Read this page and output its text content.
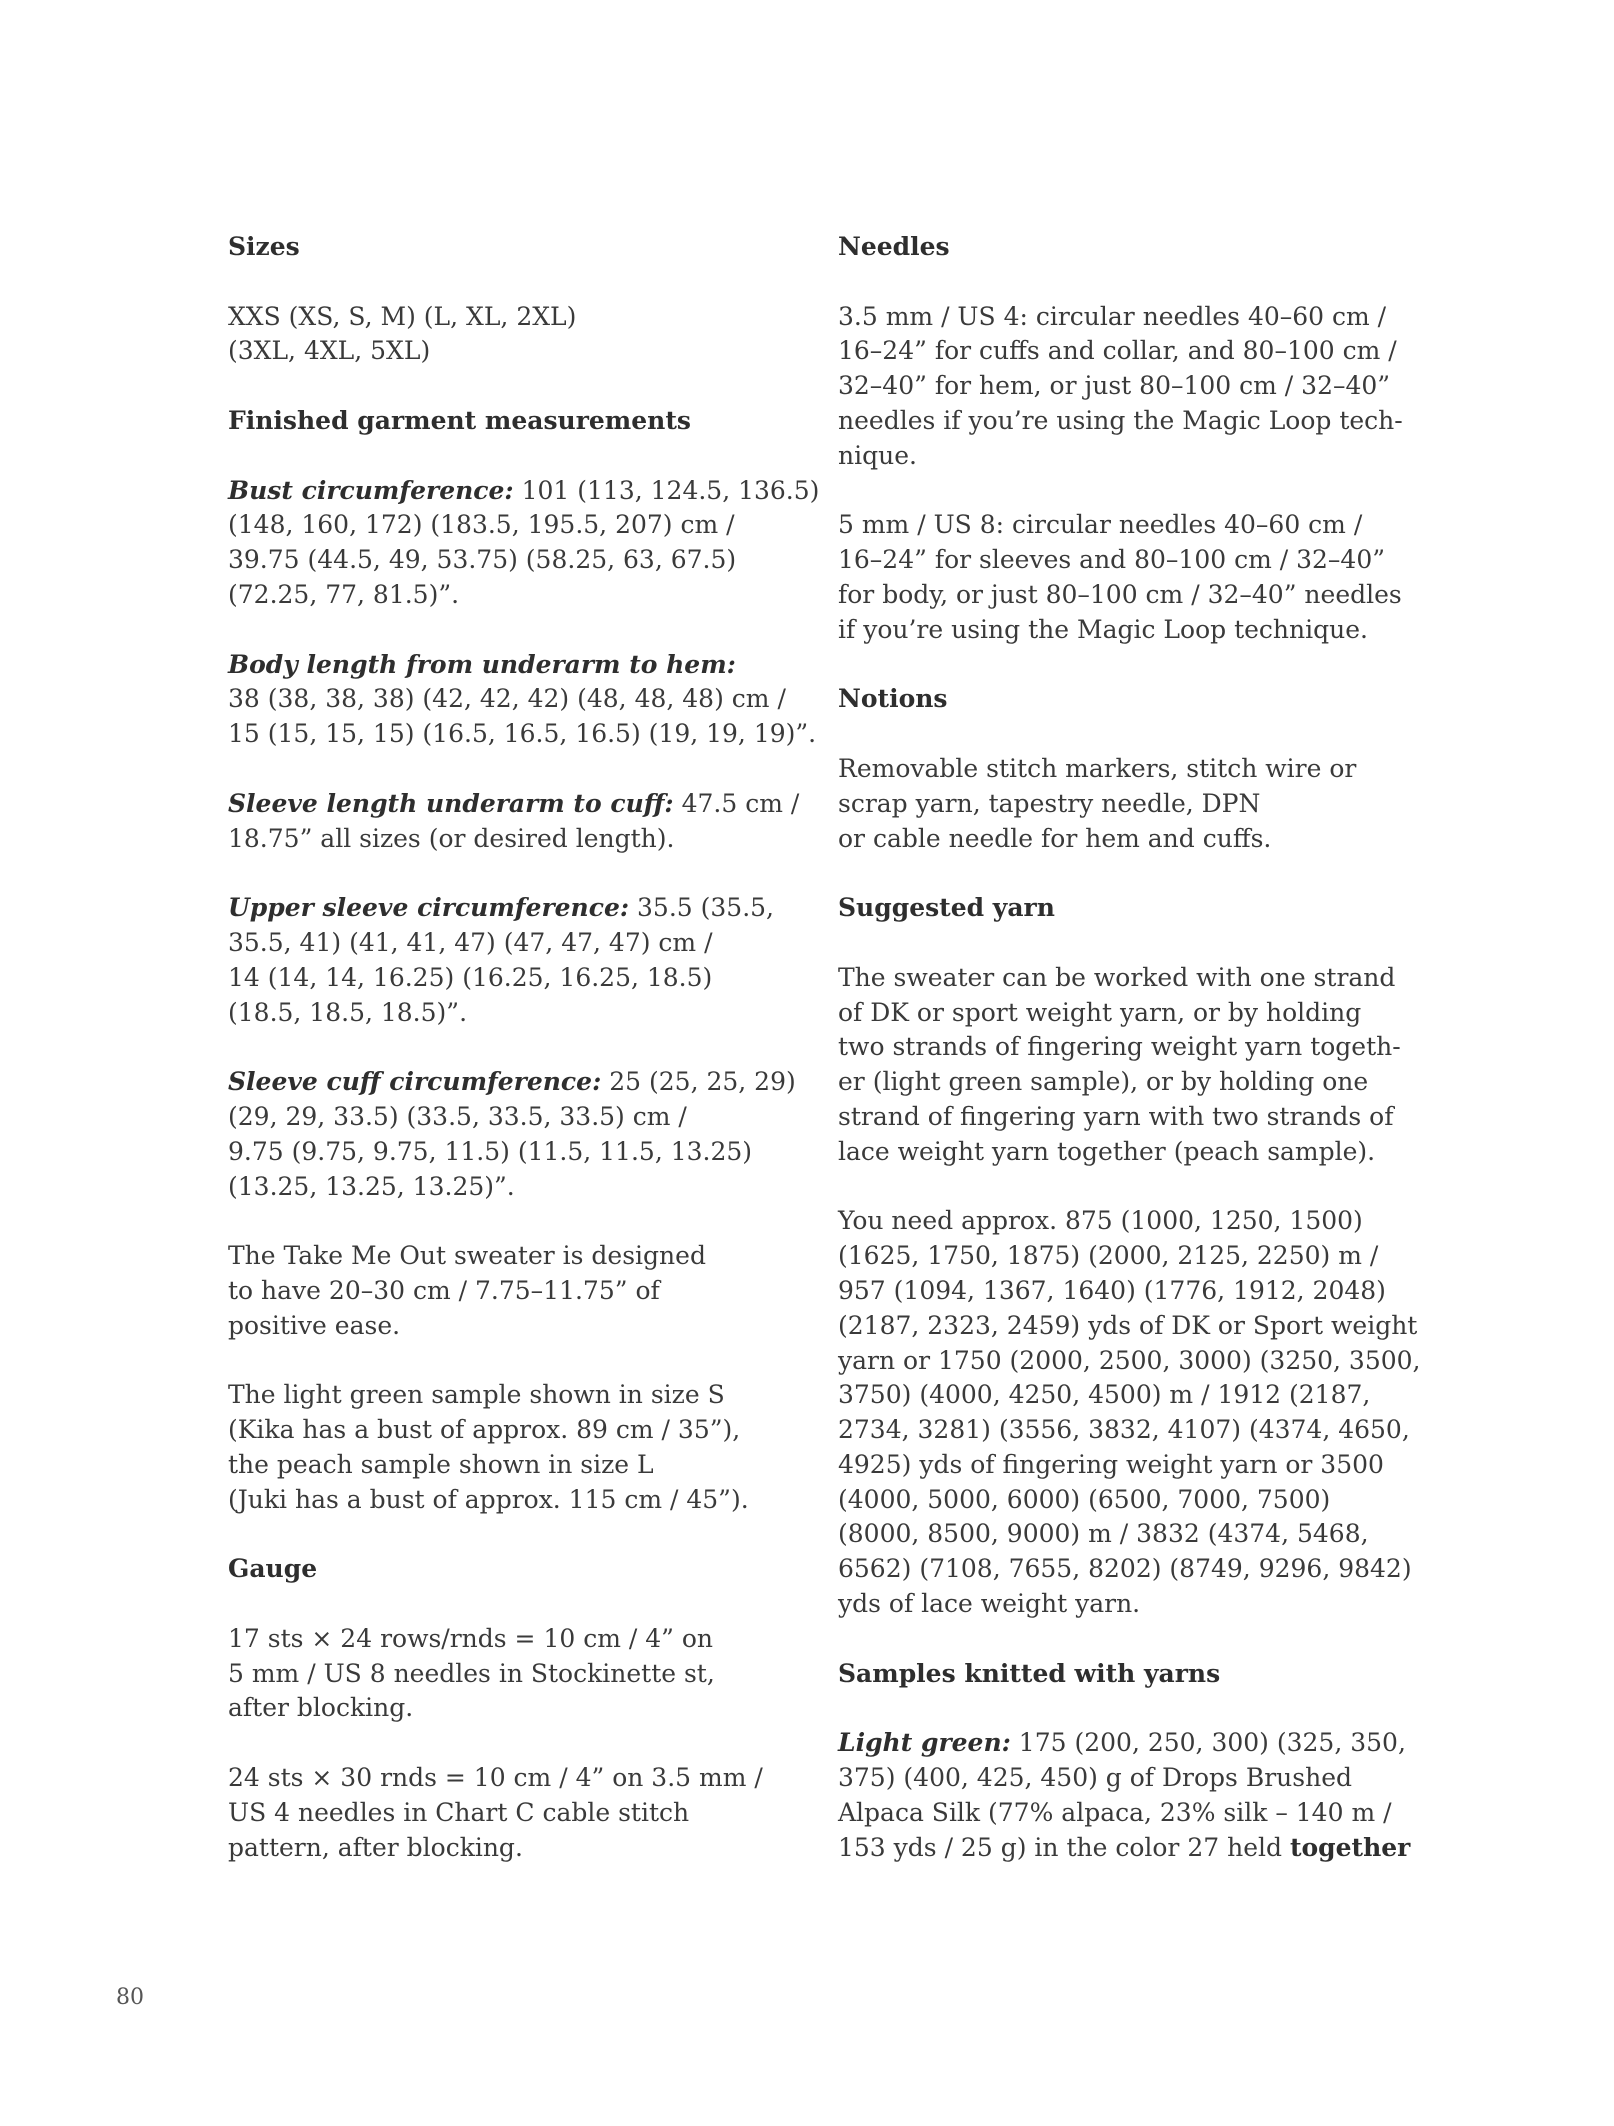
Sizes

XXS (XS, S, M) (L, XL, 2XL)
(3XL, 4XL, 5XL)

Finished garment measurements

Bust circumference: 101 (113, 124.5, 136.5)
(148, 160, 172) (183.5, 195.5, 207) cm /
39.75 (44.5, 49, 53.75) (58.25, 63, 67.5)
(72.25, 77, 81.5)”.

Body length from underarm to hem:
38 (38, 38, 38) (42, 42, 42) (48, 48, 48) cm /
15 (15, 15, 15) (16.5, 16.5, 16.5) (19, 19, 19)”.

Sleeve length underarm to cuff: 47.5 cm /
18.75” all sizes (or desired length).

Upper sleeve circumference: 35.5 (35.5,
35.5, 41) (41, 41, 47) (47, 47, 47) cm /
14 (14, 14, 16.25) (16.25, 16.25, 18.5)
(18.5, 18.5, 18.5)”.

Sleeve cuff circumference: 25 (25, 25, 29)
(29, 29, 33.5) (33.5, 33.5, 33.5) cm /
9.75 (9.75, 9.75, 11.5) (11.5, 11.5, 13.25)
(13.25, 13.25, 13.25)”.

The Take Me Out sweater is designed
to have 20–30 cm / 7.75–11.75” of
positive ease.

The light green sample shown in size S
(Kika has a bust of approx. 89 cm / 35”),
the peach sample shown in size L
(Juki has a bust of approx. 115 cm / 45”).

Gauge

17 sts × 24 rows/rnds = 10 cm / 4” on
5 mm / US 8 needles in Stockinette st,
after blocking.

24 sts × 30 rnds = 10 cm / 4” on 3.5 mm /
US 4 needles in Chart C cable stitch
pattern, after blocking.

Needles

3.5 mm / US 4: circular needles 40–60 cm /
16–24” for cuffs and collar, and 80–100 cm /
32–40” for hem, or just 80–100 cm / 32–40”
needles if you’re using the Magic Loop tech-
nique.

5 mm / US 8: circular needles 40–60 cm /
16–24” for sleeves and 80–100 cm / 32–40”
for body, or just 80–100 cm / 32–40” needles
if you’re using the Magic Loop technique.

Notions

Removable stitch markers, stitch wire or
scrap yarn, tapestry needle, DPN
or cable needle for hem and cuffs.

Suggested yarn

The sweater can be worked with one strand
of DK or sport weight yarn, or by holding
two strands of fingering weight yarn togeth-
er (light green sample), or by holding one
strand of fingering yarn with two strands of
lace weight yarn together (peach sample).

You need approx. 875 (1000, 1250, 1500)
(1625, 1750, 1875) (2000, 2125, 2250) m /
957 (1094, 1367, 1640) (1776, 1912, 2048)
(2187, 2323, 2459) yds of DK or Sport weight
yarn or 1750 (2000, 2500, 3000) (3250, 3500,
3750) (4000, 4250, 4500) m / 1912 (2187,
2734, 3281) (3556, 3832, 4107) (4374, 4650,
4925) yds of fingering weight yarn or 3500
(4000, 5000, 6000) (6500, 7000, 7500)
(8000, 8500, 9000) m / 3832 (4374, 5468,
6562) (7108, 7655, 8202) (8749, 9296, 9842)
yds of lace weight yarn.

Samples knitted with yarns

Light green: 175 (200, 250, 300) (325, 350,
375) (400, 425, 450) g of Drops Brushed
Alpaca Silk (77% alpaca, 23% silk – 140 m /
153 yds / 25 g) in the color 27 held together

80
